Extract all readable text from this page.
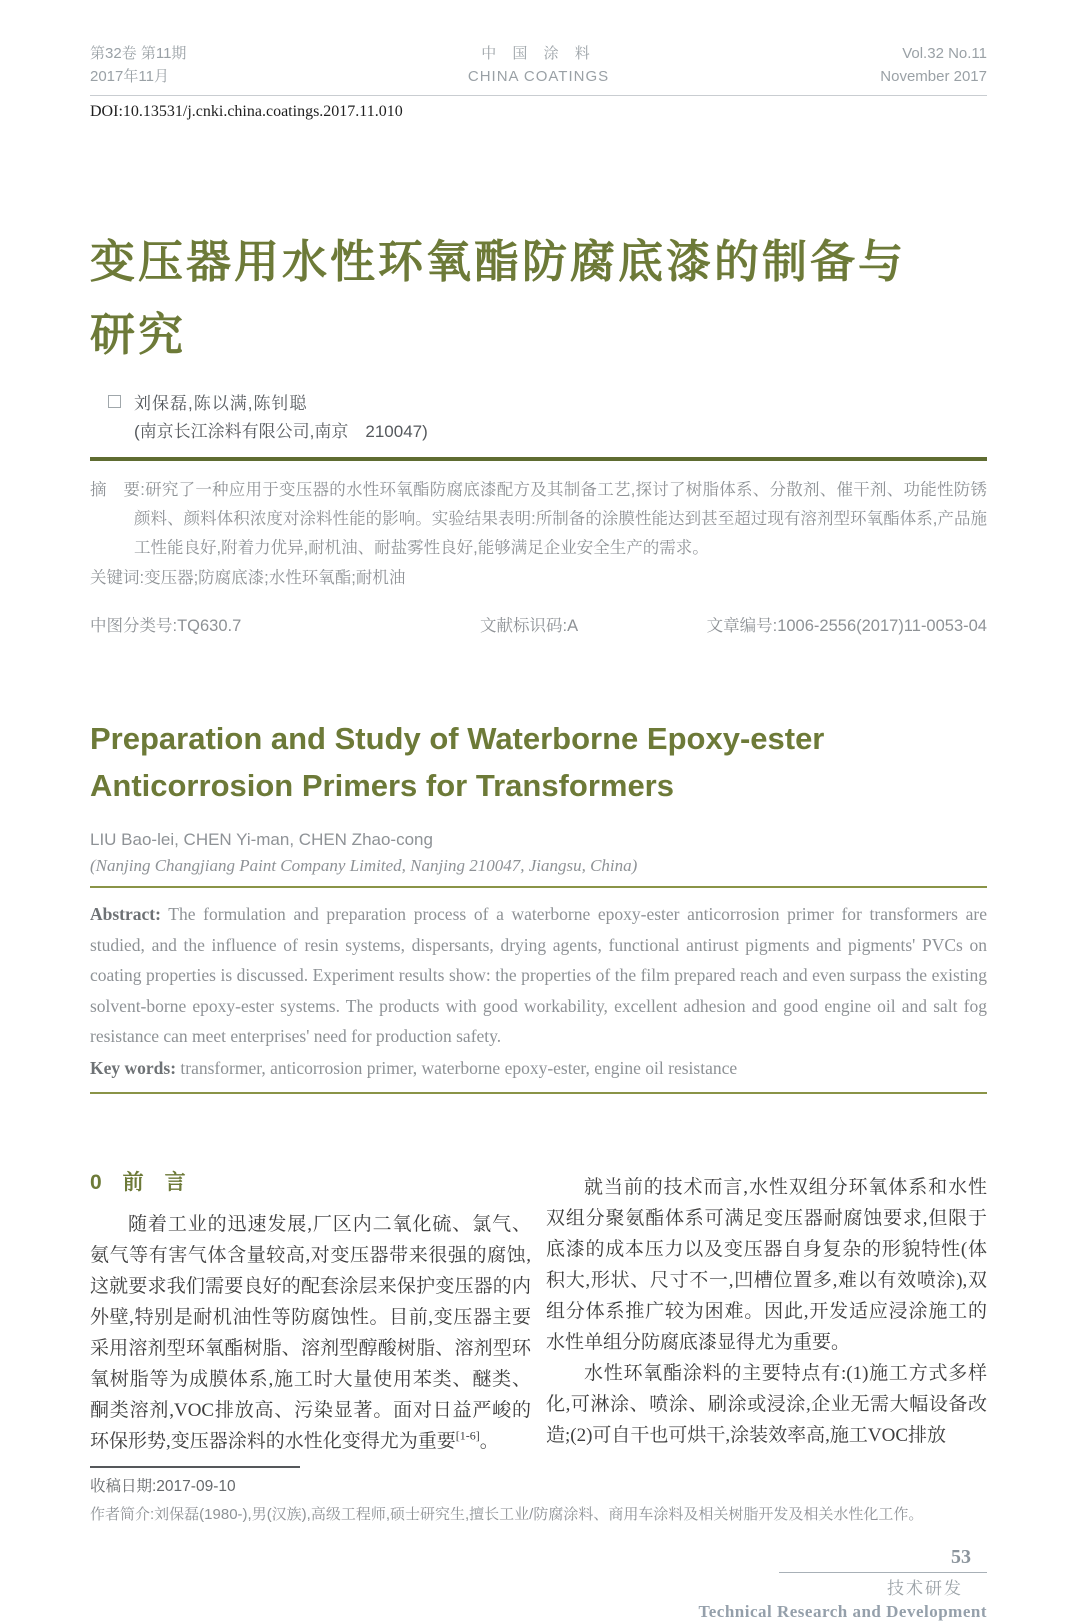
第32卷 第11期
2017年11月
中 国 涂 料
CHINA COATINGS
Vol.32 No.11
November 2017
DOI:10.13531/j.cnki.china.coatings.2017.11.010
变压器用水性环氧酯防腐底漆的制备与
研究
刘保磊,陈以满,陈钊聪
(南京长江涂料有限公司,南京　210047)

摘　要:研究了一种应用于变压器的水性环氧酯防腐底漆配方及其制备工艺,探讨了树脂体系、分散剂、催干剂、功能性防锈颜料、颜料体积浓度对涂料性能的影响。实验结果表明:所制备的涂膜性能达到甚至超过现有溶剂型环氧酯体系,产品施工性能良好,附着力优异,耐机油、耐盐雾性良好,能够满足企业安全生产的需求。

关键词:变压器;防腐底漆;水性环氧酯;耐机油

中图分类号:TQ630.7	文献标识码:A	文章编号:1006-2556(2017)11-0053-04
Preparation and Study of Waterborne Epoxy-ester Anticorrosion Primers for Transformers
LIU Bao-lei, CHEN Yi-man, CHEN Zhao-cong
(Nanjing Changjiang Paint Company Limited, Nanjing 210047, Jiangsu, China)

Abstract: The formulation and preparation process of a waterborne epoxy-ester anticorrosion primer for transformers are studied, and the influence of resin systems, dispersants, drying agents, functional antirust pigments and pigments' PVCs on coating properties is discussed. Experiment results show: the properties of the film prepared reach and even surpass the existing solvent-borne epoxy-ester systems. The products with good workability, excellent adhesion and good engine oil and salt fog resistance can meet enterprises' need for production safety.

Key words: transformer, anticorrosion primer, waterborne epoxy-ester, engine oil resistance

0　前　言

随着工业的迅速发展,厂区内二氧化硫、氯气、氨气等有害气体含量较高,对变压器带来很强的腐蚀,这就要求我们需要良好的配套涂层来保护变压器的内外壁,特别是耐机油性等防腐蚀性。目前,变压器主要采用溶剂型环氧酯树脂、溶剂型醇酸树脂、溶剂型环氧树脂等为成膜体系,施工时大量使用苯类、醚类、酮类溶剂,VOC排放高、污染显著。面对日益严峻的环保形势,变压器涂料的水性化变得尤为重要[1-6]。

就当前的技术而言,水性双组分环氧体系和水性双组分聚氨酯体系可满足变压器耐腐蚀要求,但限于底漆的成本压力以及变压器自身复杂的形貌特性(体积大,形状、尺寸不一,凹槽位置多,难以有效喷涂),双组分体系推广较为困难。因此,开发适应浸涂施工的水性单组分防腐底漆显得尤为重要。

水性环氧酯涂料的主要特点有:(1)施工方式多样化,可淋涂、喷涂、刷涂或浸涂,企业无需大幅设备改造;(2)可自干也可烘干,涂装效率高,施工VOC排放

收稿日期:2017-09-10
作者简介:刘保磊(1980-),男(汉族),高级工程师,硕士研究生,擅长工业/防腐涂料、商用车涂料及相关树脂开发及相关水性化工作。
53
技术研发
Technical Research and Development
